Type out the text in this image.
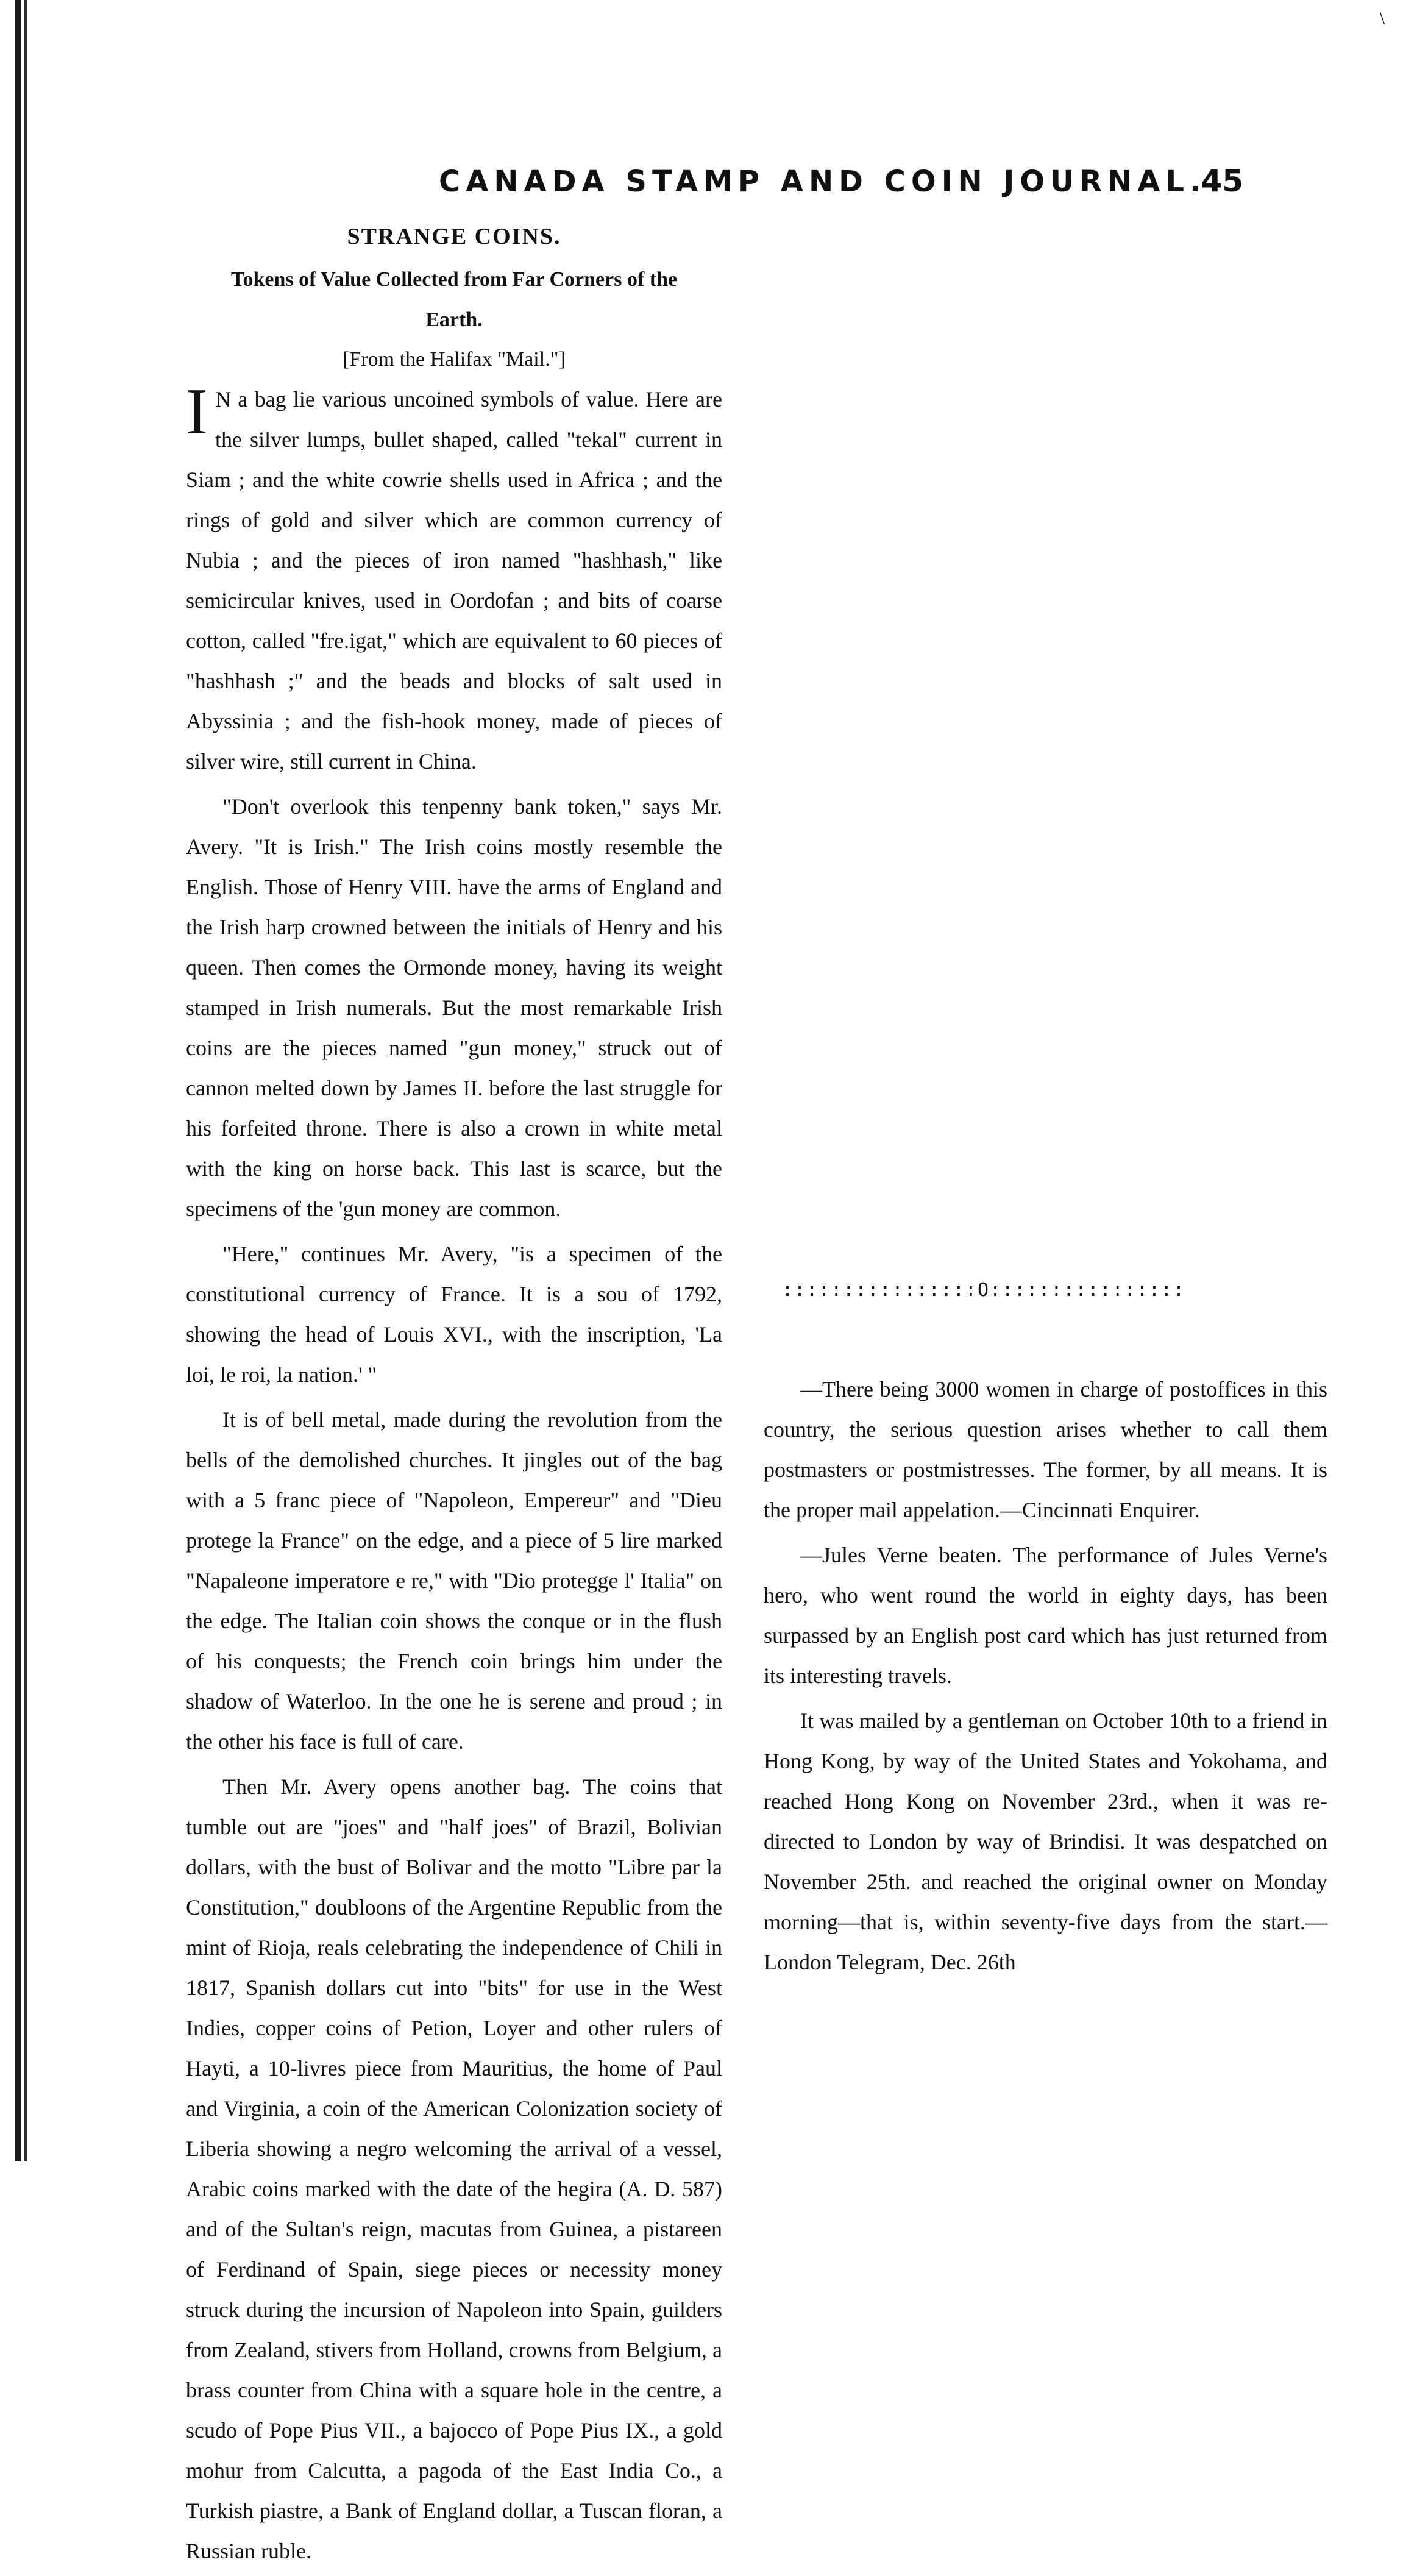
\
CANADA STAMP AND COIN JOURNAL.
45
STRANGE COINS.
Tokens of Value Collected from Far Corners of the Earth.
[From the Halifax "Mail."]

I N a bag lie various uncoined symbols of value. Here are the silver lumps, bullet shaped, called "tekal" current in Siam ; and the white cowrie shells used in Africa ; and the rings of gold and silver which are common currency of Nubia ; and the pieces of iron named "hashhash," like semicircular knives, used in Oordofan ; and bits of coarse cotton, called "fre.igat," which are equivalent to 60 pieces of "hashhash ;" and the beads and blocks of salt used in Abyssinia ; and the fish-hook money, made of pieces of silver wire, still current in China.

"Don't overlook this tenpenny bank token," says Mr. Avery. "It is Irish." The Irish coins mostly resemble the English. Those of Henry VIII. have the arms of England and the Irish harp crowned between the initials of Henry and his queen. Then comes the Ormonde money, having its weight stamped in Irish numerals. But the most remarkable Irish coins are the pieces named "gun money," struck out of cannon melted down by James II. before the last struggle for his forfeited throne. There is also a crown in white metal with the king on horse back. This last is scarce, but the specimens of the 'gun money are common.

"Here," continues Mr. Avery, "is a specimen of the constitutional currency of France. It is a sou of 1792, showing the head of Louis XVI., with the inscription, 'La loi, le roi, la nation.' "

It is of bell metal, made during the revolution from the bells of the demolished churches. It jingles out of the bag with a 5 franc piece of "Napoleon, Empereur" and "Dieu protege la France" on the edge, and a piece of 5 lire marked "Napaleone imperatore e re," with "Dio protegge l' Italia" on the edge. The Italian coin shows the conque or in the flush of his conquests; the French coin brings him under the shadow of Waterloo. In the one he is serene and proud ; in the other his face is full of care.

Then Mr. Avery opens another bag. The coins that tumble out are "joes" and "half joes" of Brazil, Bolivian dollars, with the bust of Bolivar and the motto "Libre par la Constitution," doubloons of the Argentine Republic from the mint of Rioja, reals celebrating the independence of Chili in 1817, Spanish dollars cut into "bits" for use in the West Indies, copper coins of Petion, Loyer and other rulers of Hayti, a 10-livres piece from Mauritius, the home of Paul and Virginia, a coin of the American Colonization society of Liberia showing a negro welcoming the arrival of a vessel, Arabic coins marked with the date of the hegira (A. D. 587) and of the Sultan's reign, macutas from Guinea, a pistareen of Ferdinand of Spain, siege pieces or necessity money struck during the incursion of Napoleon into Spain, guilders from Zealand, stivers from Holland, crowns from Belgium, a brass counter from China with a square hole in the centre, a scudo of Pope Pius VII., a bajocco of Pope Pius IX., a gold mohur from Calcutta, a pagoda of the East India Co., a Turkish piastre, a Bank of England dollar, a Tuscan floran, a Russian ruble.

::::::::::::::::O::::::::::::::::

—There being 3000 women in charge of postoffices in this country, the serious question arises whether to call them postmasters or postmistresses. The former, by all means. It is the proper mail appelation.—Cincinnati Enquirer.

—Jules Verne beaten. The performance of Jules Verne's hero, who went round the world in eighty days, has been surpassed by an English post card which has just returned from its interesting travels.

It was mailed by a gentleman on October 10th to a friend in Hong Kong, by way of the United States and Yokohama, and reached Hong Kong on November 23rd., when it was re-directed to London by way of Brindisi. It was despatched on November 25th. and reached the original owner on Monday morning—that is, within seventy-five days from the start.—London Telegram, Dec. 26th
